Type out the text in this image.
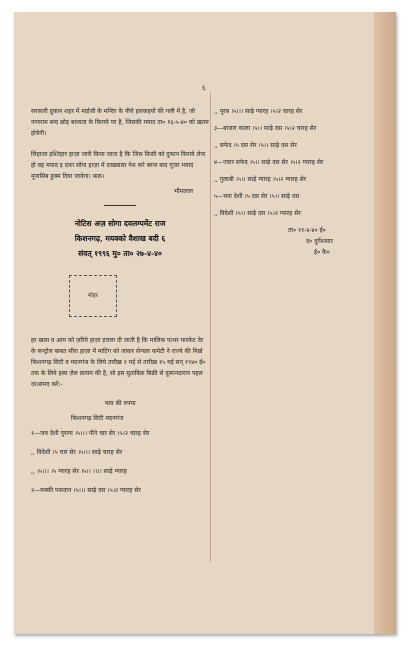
६

सरकारी दुकान शहर में माईजी के मन्दिर के नीचे हलवाइयों की गली में है, जो नगरराम बन्द छोड़ बाध्यता के किराये पर है, जिसकी मयाद ता० १६-५-४० को ख़तम होवेगी।

लिहाजा इश्तिहार हाज़ा जारी किया जाता है कि जिस किसी को दुकान किराये लेना हो वह मयाद इ दफ़ा सोगा हाज़ा में दरख़्वास्त पेश करे बरना बाद गुज़र मयाद मुनासिब हुक्म दिया जावेगा। फ़क़।

भीमलाल
नोटिस अज़ सोगा दवलम्पमेंट राज
किशनगढ़, मयक्को वैशाख बदी ६
संवत् १९९६ मु० ता० २७-४-४०
मोहर

हर खास व आम को ज़रिये हाज़ा इत्तला दी जाती है कि मालिक पत्थर मारकेट देर के कन्ट्रोल बाबत सीरा हाज़ा में माटिंग को जाकर सेन्चल कमेटी ने राज्ये की निर्ख़ किशनगढ़ सिटी व मदनगंज के लिये तारीख़ १ मई से तारीख़ १५ मई सन् १९४० ई० तक के लिये हस्व ज़ेल क़ायम की है, सो इस मुताबिक़ बिक्री से दुकानदारान पहल दरआमद करें:-

भाव की रुपया
किशनगढ़ सिटी मदनगंज
१—जव देशी पुराना ।५।।। पौने चार सेर ।५।२ चारह सेर
,, विदेशी ।५ चार सेर ।५।।। साढ़े चारह सेर
,, ।५।।। ।५ ग्यारह सेर ।५।। ।।।। साढ़े ग्यारह
२—मक्की पकवान ।५।।। साढ़े दस ।५।२ ग्यारह सेर
,, पूरब ।५।।। साढ़े ग्यारह ।५।२ चारह सेर
३—बाजरा काला ।५।। साढ़े दस ।५।२ चारह सेर
,, सफेद ।५ दस सेर ।५।। साढ़े दस सेर
४—ज्वार सफेद ।५।। साढ़े दस सेर ।५।२ ग्यारह सेर
,, गुलाबी ।५।। साढ़े ग्यारह ।५।२ ग्यारह सेर
५—चना देशी ।५ दस सेर ।५।। साढ़े दस
,, विदेशी ।५।। साढ़े दस ।५।२ ग्यारह सेर
ता० ११-४-४० ई०
द० दुर्गेशसार
ई० कै०
